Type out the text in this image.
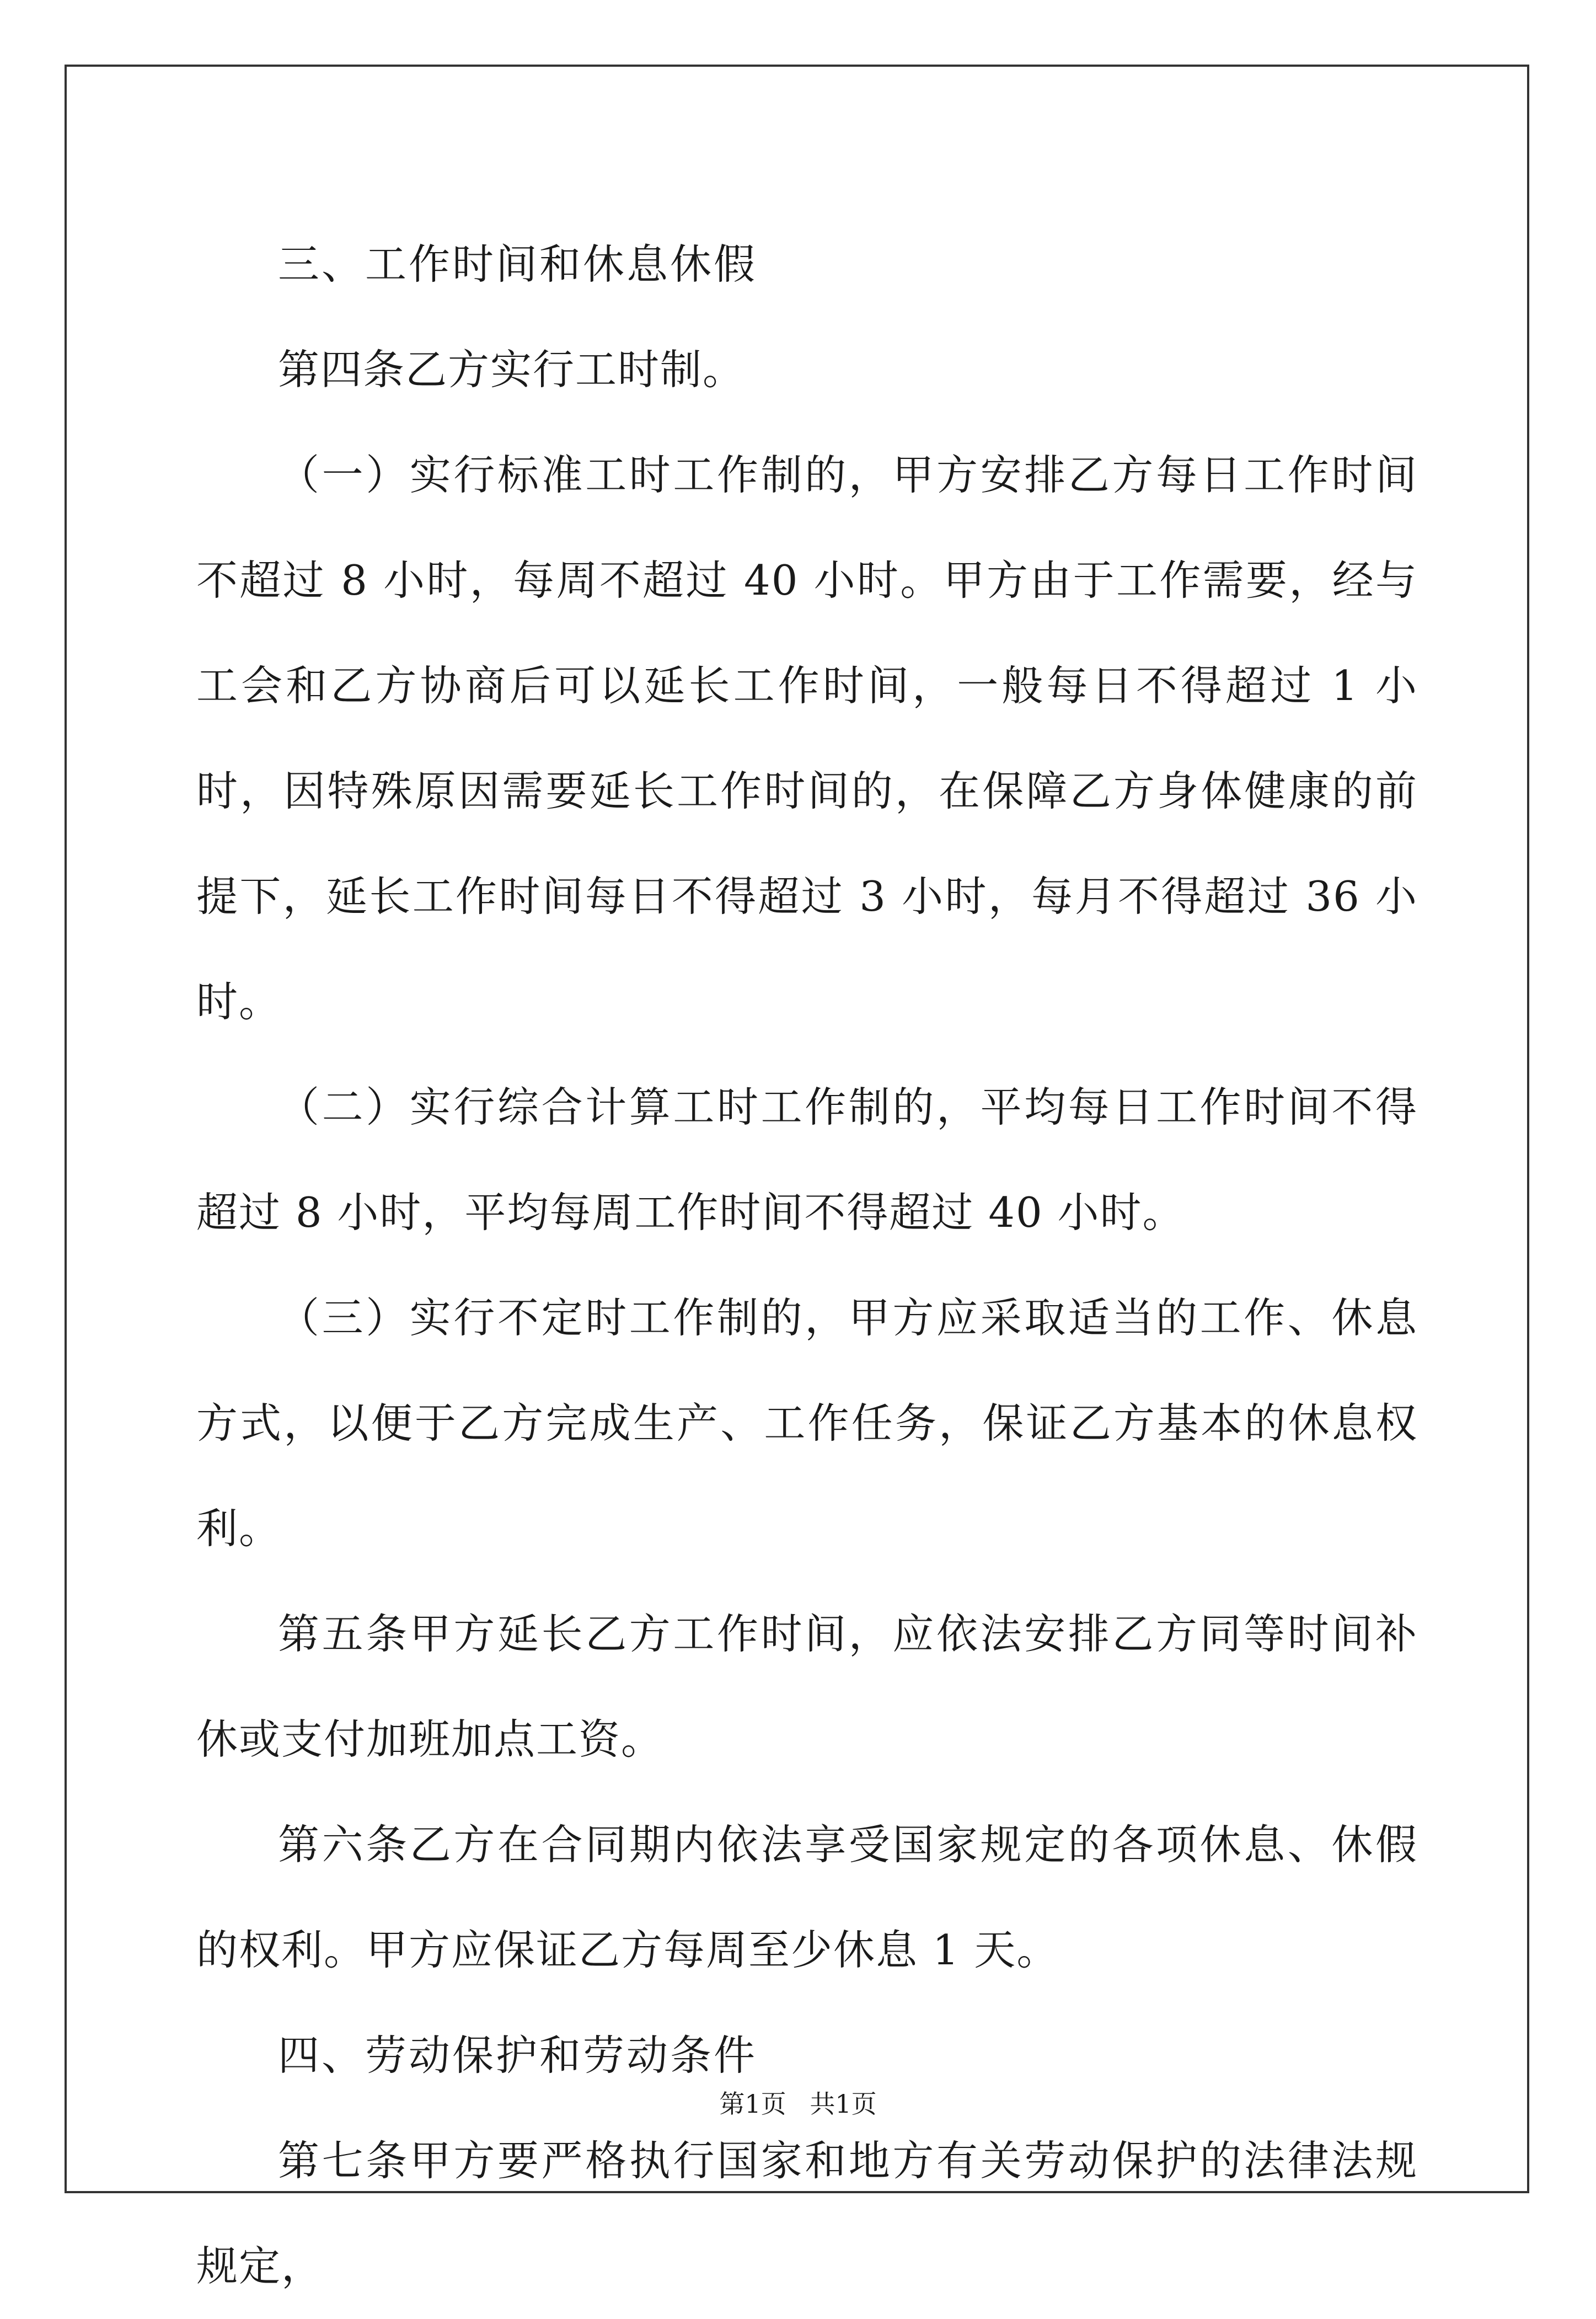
三、工作时间和休息休假

第四条乙方实行工时制。

（一）实行标准工时工作制的，甲方安排乙方每日工作时间不超过 8 小时，每周不超过 40 小时。甲方由于工作需要，经与工会和乙方协商后可以延长工作时间，一般每日不得超过 1 小时，因特殊原因需要延长工作时间的，在保障乙方身体健康的前提下，延长工作时间每日不得超过 3 小时，每月不得超过 36 小时。

（二）实行综合计算工时工作制的，平均每日工作时间不得超过 8 小时，平均每周工作时间不得超过 40 小时。

（三）实行不定时工作制的，甲方应采取适当的工作、休息方式，以便于乙方完成生产、工作任务，保证乙方基本的休息权利。

第五条甲方延长乙方工作时间，应依法安排乙方同等时间补休或支付加班加点工资。

第六条乙方在合同期内依法享受国家规定的各项休息、休假的权利。甲方应保证乙方每周至少休息 1 天。

四、劳动保护和劳动条件

第七条甲方要严格执行国家和地方有关劳动保护的法律法规规定，

第1页 共1页
